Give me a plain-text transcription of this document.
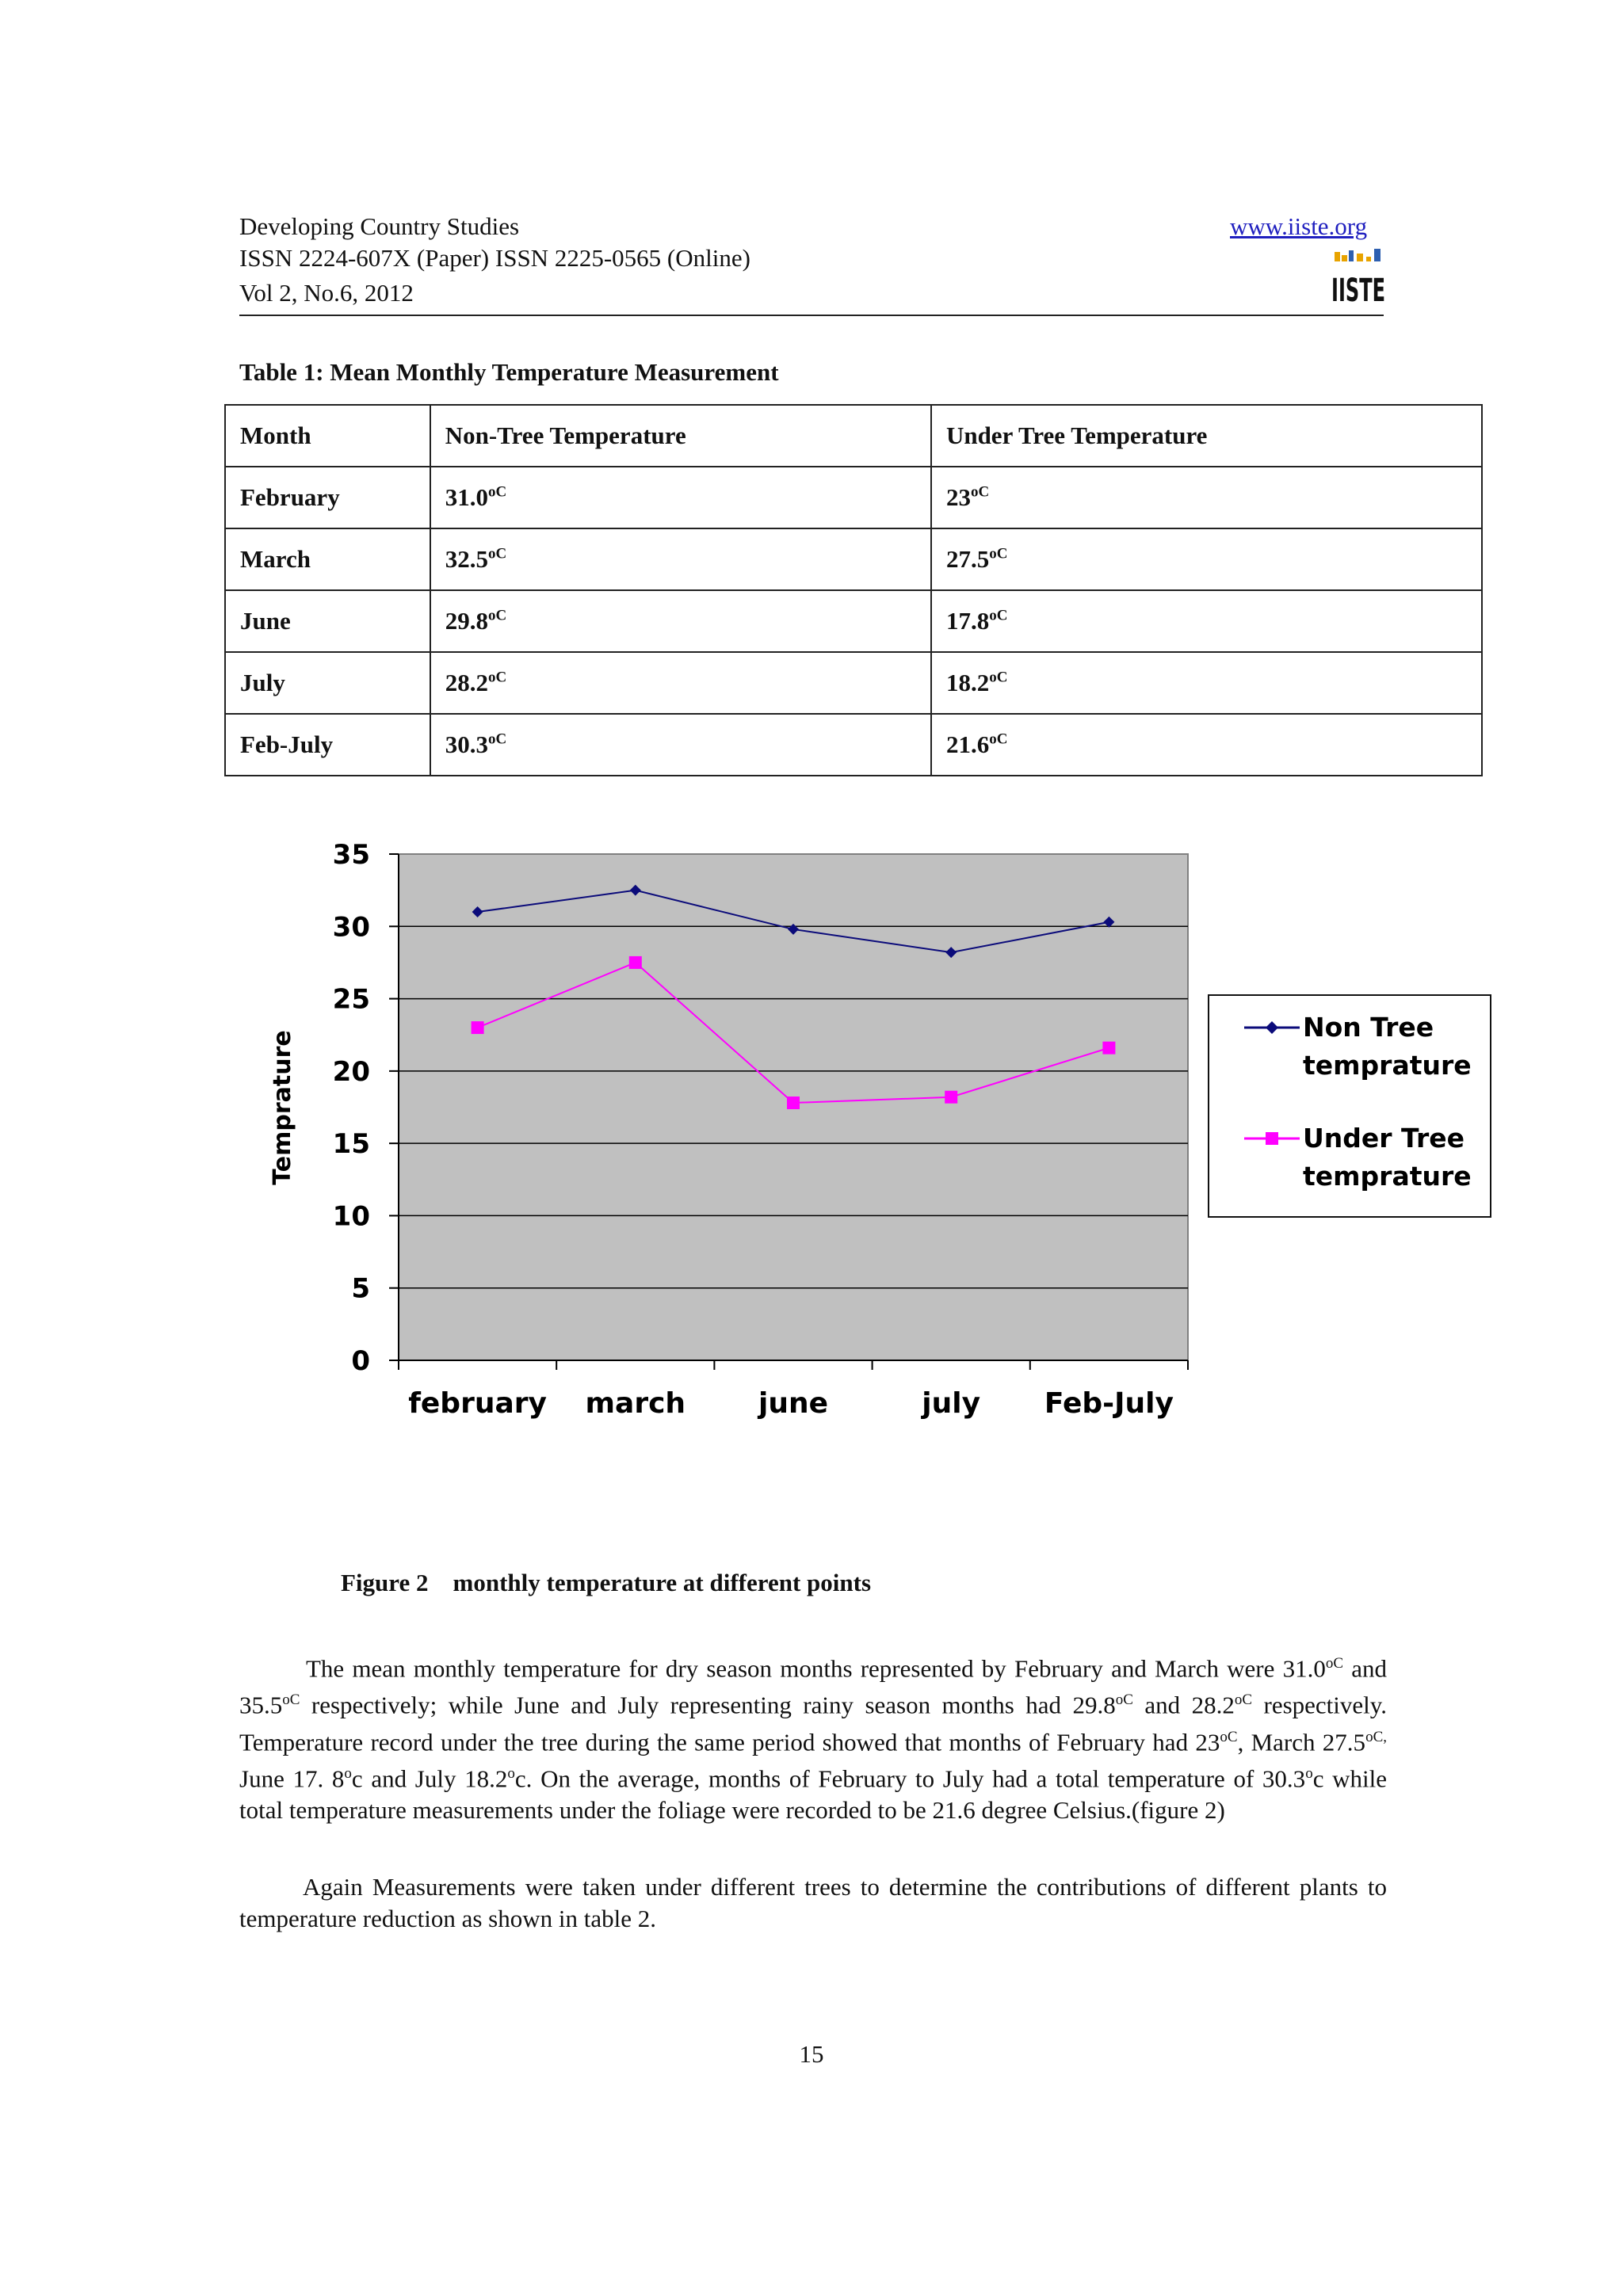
Developing Country Studies
ISSN 2224-607X (Paper) ISSN 2225-0565 (Online)
Vol 2, No.6, 2012
www.iiste.org
IISTE
Table 1: Mean Monthly Temperature Measurement
Month	Non-Tree Temperature	Under Tree Temperature
February	$31.0^{oC}$	$23^{oC}$
March	$32.5^{oC}$	$27.5^{oC}$
June	$29.8^{oC}$	$17.8^{oC}$
July	$28.2^{oC}$	$18.2^{oC}$
Feb-July	$30.3^{oC}$	$21.6^{oC}$
0
5
10
15
20
25
30
35
february march	june	july Feb-July
Temprature
Non Tree
temprature
Under Tree
temprature
Figure 2 monthly temperature at different points
The mean monthly temperature for dry season months represented by February and March were $31.0^{oC}$ and $35.5^{oC}$ respectively; while June and July representing rainy season months had $29.8^{oC}$ and $28.2^{oC}$ respectively. Temperature record under the tree during the same period showed that months of February had $23^{oC}$, March $27.5^{oC,}$ June 17. 8$^o$c and July 18.2$^o$c. On the average, months of February to July had a total temperature of 30.3$^o$c while total temperature measurements under the foliage were recorded to be 21.6 degree Celsius.(figure 2)
Again Measurements were taken under different trees to determine the contributions of different plants to temperature reduction as shown in table 2.
15
